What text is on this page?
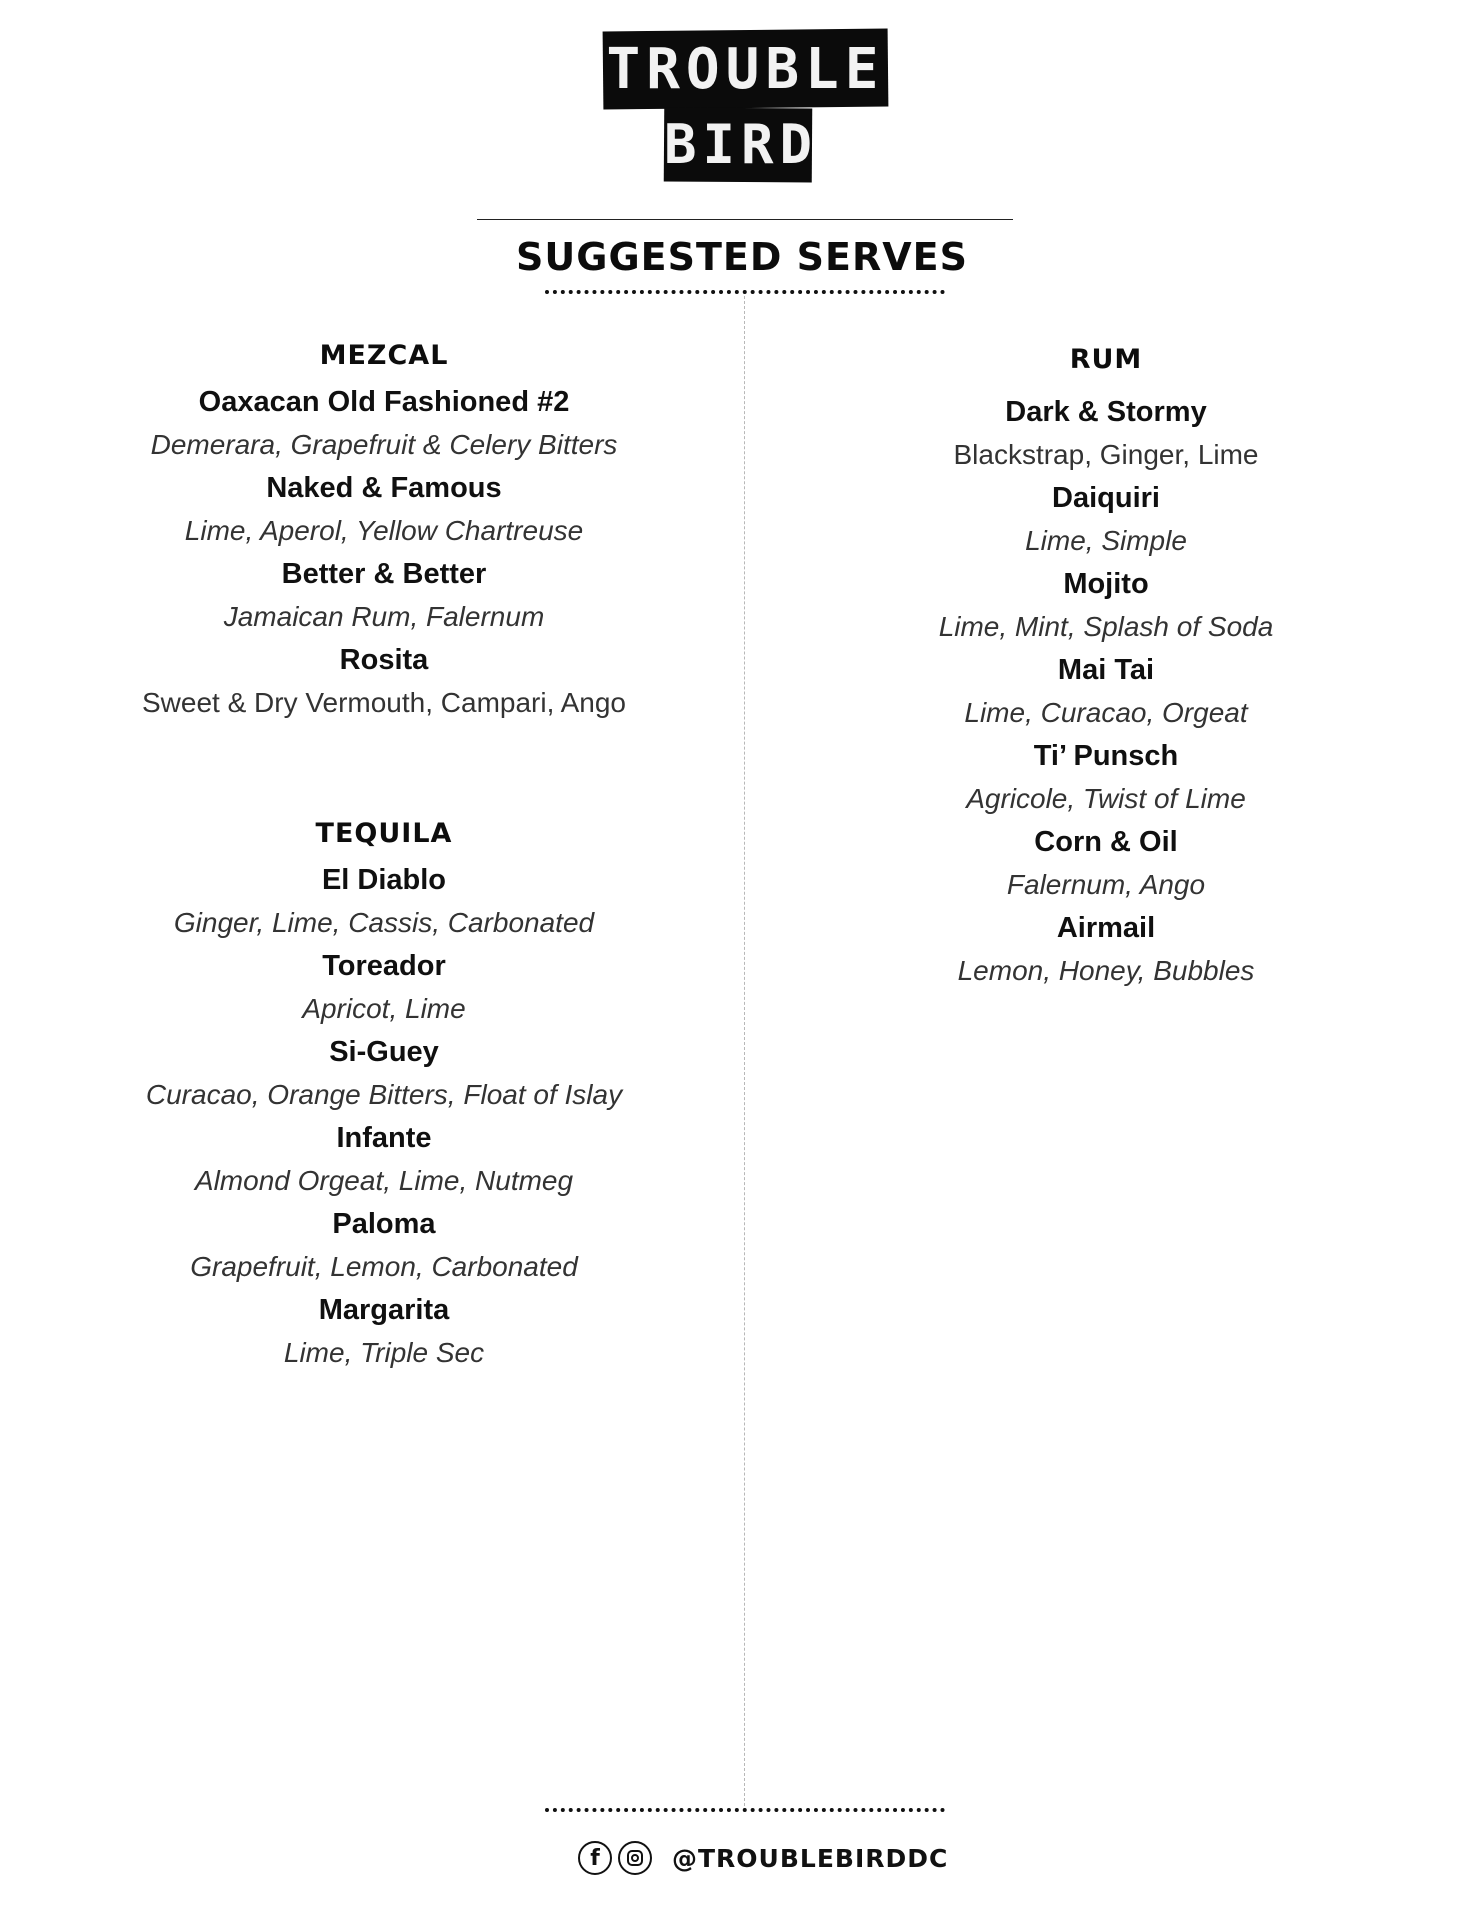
TROUBLE
BIRD
SUGGESTED SERVES
MEZCAL
Oaxacan Old Fashioned #2
Demerara, Grapefruit & Celery Bitters
Naked & Famous
Lime, Aperol, Yellow Chartreuse
Better & Better
Jamaican Rum, Falernum
Rosita
Sweet & Dry Vermouth, Campari, Ango
TEQUILA
El Diablo
Ginger, Lime, Cassis, Carbonated
Toreador
Apricot, Lime
Si-Guey
Curacao, Orange Bitters, Float of Islay
Infante
Almond Orgeat, Lime, Nutmeg
Paloma
Grapefruit, Lemon, Carbonated
Margarita
Lime, Triple Sec
RUM
Dark & Stormy
Blackstrap, Ginger, Lime
Daiquiri
Lime, Simple
Mojito
Lime, Mint, Splash of Soda
Mai Tai
Lime, Curacao, Orgeat
Ti’ Punsch
Agricole, Twist of Lime
Corn & Oil
Falernum, Ango
Airmail
Lemon, Honey, Bubbles
f	@TROUBLEBIRDDC
